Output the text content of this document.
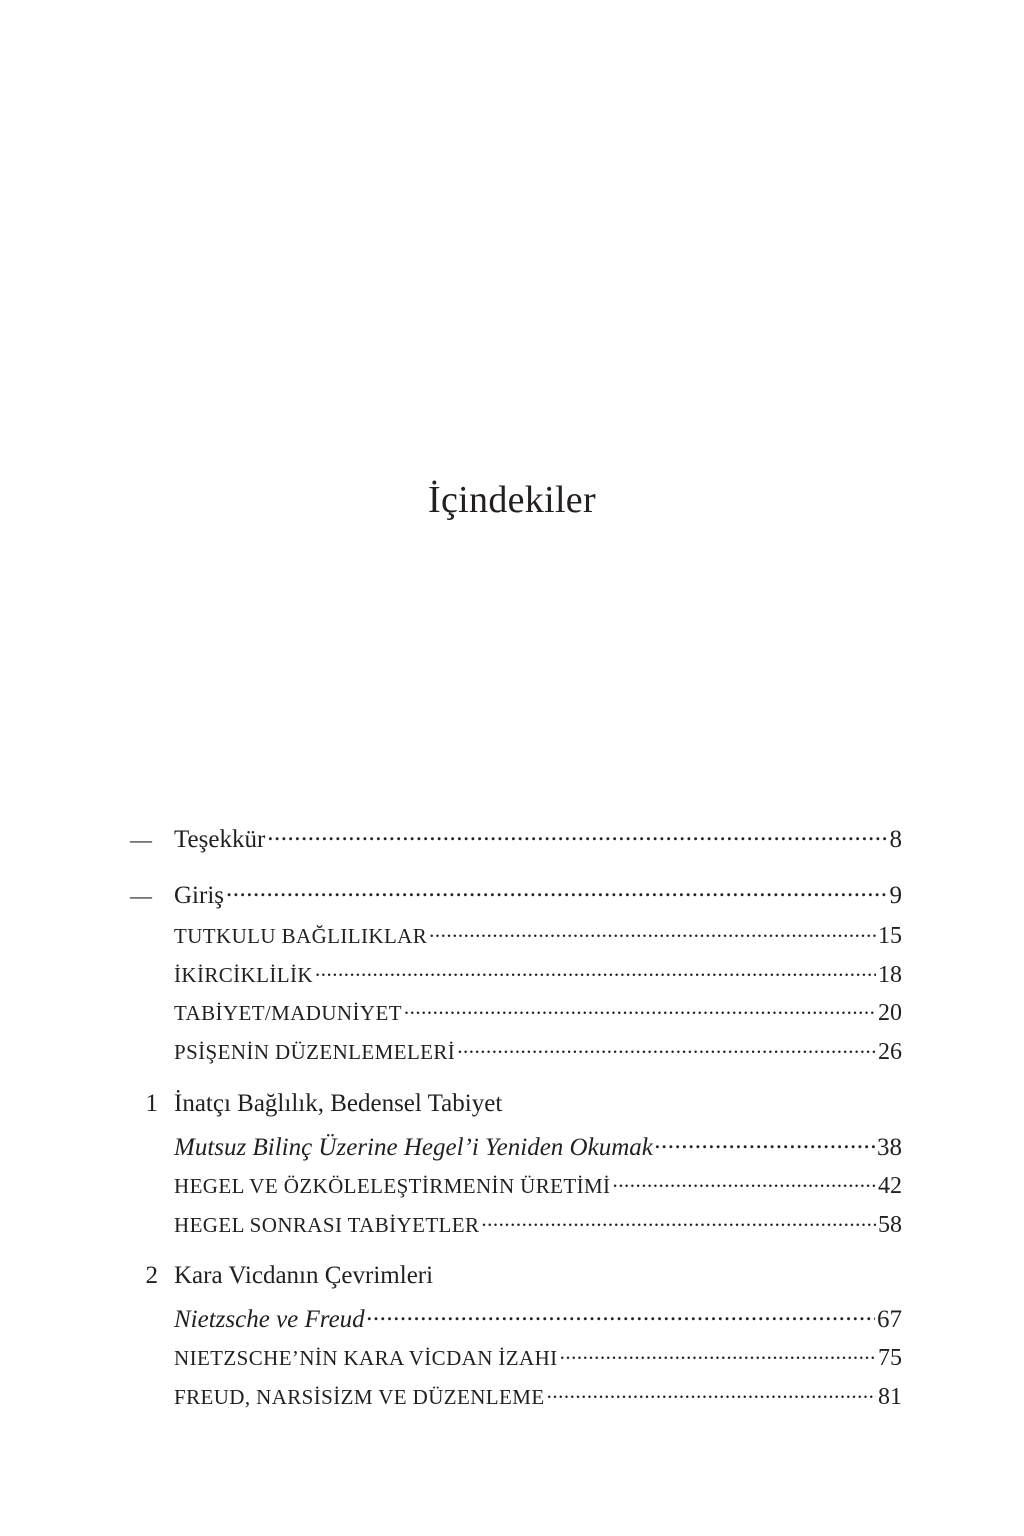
İçindekiler
— Teşekkür .....	8
— Giriş .....	9
TUTKULU BAĞLILIKLAR .....	15
İKİRCİKLİLİK .....	18
TABİYET/MADUNİYET .....	20
PSİŞENİN DÜZENLEMELERİ .....	26
1 İnatçı Bağlılık, Bedensel Tabiyet
Mutsuz Bilinç Üzerine Hegel’i Yeniden Okumak .....	38
HEGEL VE ÖZKÖLELEŞTİRMENİN ÜRETİMİ .....	42
HEGEL SONRASI TABİYETLER .....	58
2 Kara Vicdanın Çevrimleri
Nietzsche ve Freud .....	67
NIETZSCHE’NİN KARA VİCDAN İZAHI .....	75
FREUD, NARSİSİZM VE DÜZENLEME .....	81
